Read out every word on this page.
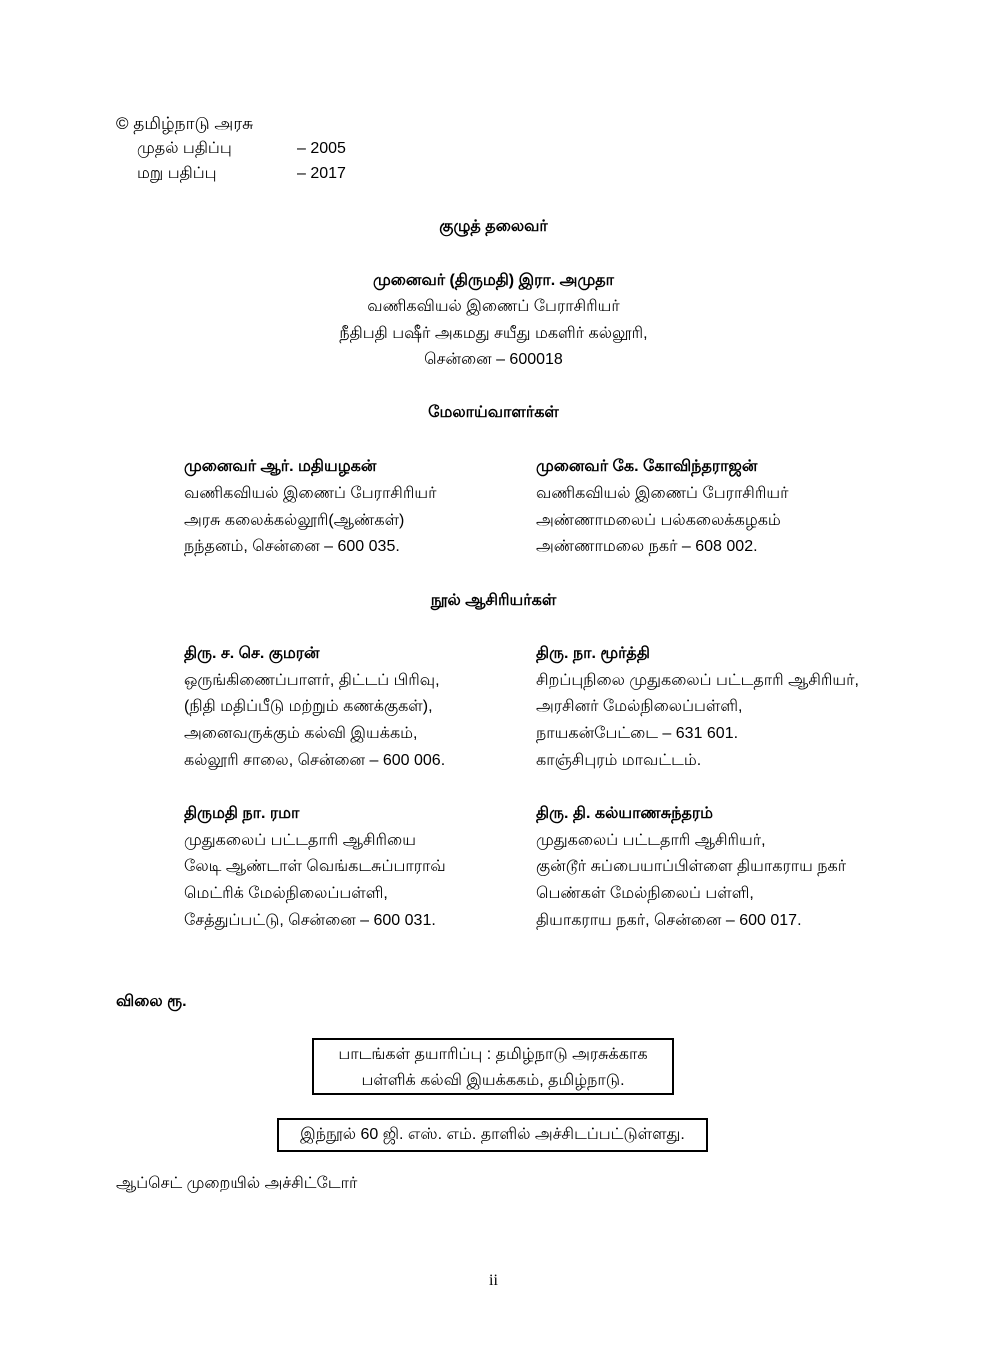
© தமிழ்நாடு அரசு
முதல் பதிப்பு	– 2005
மறு பதிப்பு	– 2017
குழுத் தலைவர்
முனைவர் (திருமதி) இரா. அமுதா
வணிகவியல் இணைப் பேராசிரியர்
நீதிபதி பஷீர் அகமது சயீது மகளிர் கல்லூரி,
சென்னை – 600018
மேலாய்வாளர்கள்
முனைவர் ஆர். மதியழகன்
வணிகவியல் இணைப் பேராசிரியர்
அரசு கலைக்கல்லூரி(ஆண்கள்)
நந்தனம், சென்னை – 600 035.
முனைவர் கே. கோவிந்தராஜன்
வணிகவியல் இணைப் பேராசிரியர்
அண்ணாமலைப் பல்கலைக்கழகம்
அண்ணாமலை நகர் – 608 002.
நூல் ஆசிரியர்கள்
திரு. ச. செ. குமரன்
ஒருங்கிணைப்பாளர், திட்டப் பிரிவு,
(நிதி மதிப்பீடு மற்றும் கணக்குகள்),
அனைவருக்கும் கல்வி இயக்கம்,
கல்லூரி சாலை, சென்னை – 600 006.
திரு. நா. மூர்த்தி
சிறப்புநிலை முதுகலைப் பட்டதாரி ஆசிரியர்,
அரசினர் மேல்நிலைப்பள்ளி,
நாயகன்பேட்டை – 631 601.
காஞ்சிபுரம் மாவட்டம்.
திருமதி நா. ரமா
முதுகலைப் பட்டதாரி ஆசிரியை
லேடி ஆண்டாள் வெங்கடசுப்பாராவ்
மெட்ரிக் மேல்நிலைப்பள்ளி,
சேத்துப்பட்டு, சென்னை – 600 031.
திரு. தி. கல்யாணசுந்தரம்
முதுகலைப் பட்டதாரி ஆசிரியர்,
குன்டூர் சுப்பையாப்பிள்ளை தியாகராய நகர்
பெண்கள் மேல்நிலைப் பள்ளி,
தியாகராய நகர், சென்னை – 600 017.
விலை ரூ.
பாடங்கள் தயாரிப்பு : தமிழ்நாடு அரசுக்காக
பள்ளிக் கல்வி இயக்ககம், தமிழ்நாடு.
இந்நூல் 60 ஜி. எஸ். எம். தாளில் அச்சிடப்பட்டுள்ளது.
ஆப்செட் முறையில் அச்சிட்டோர்
ii
